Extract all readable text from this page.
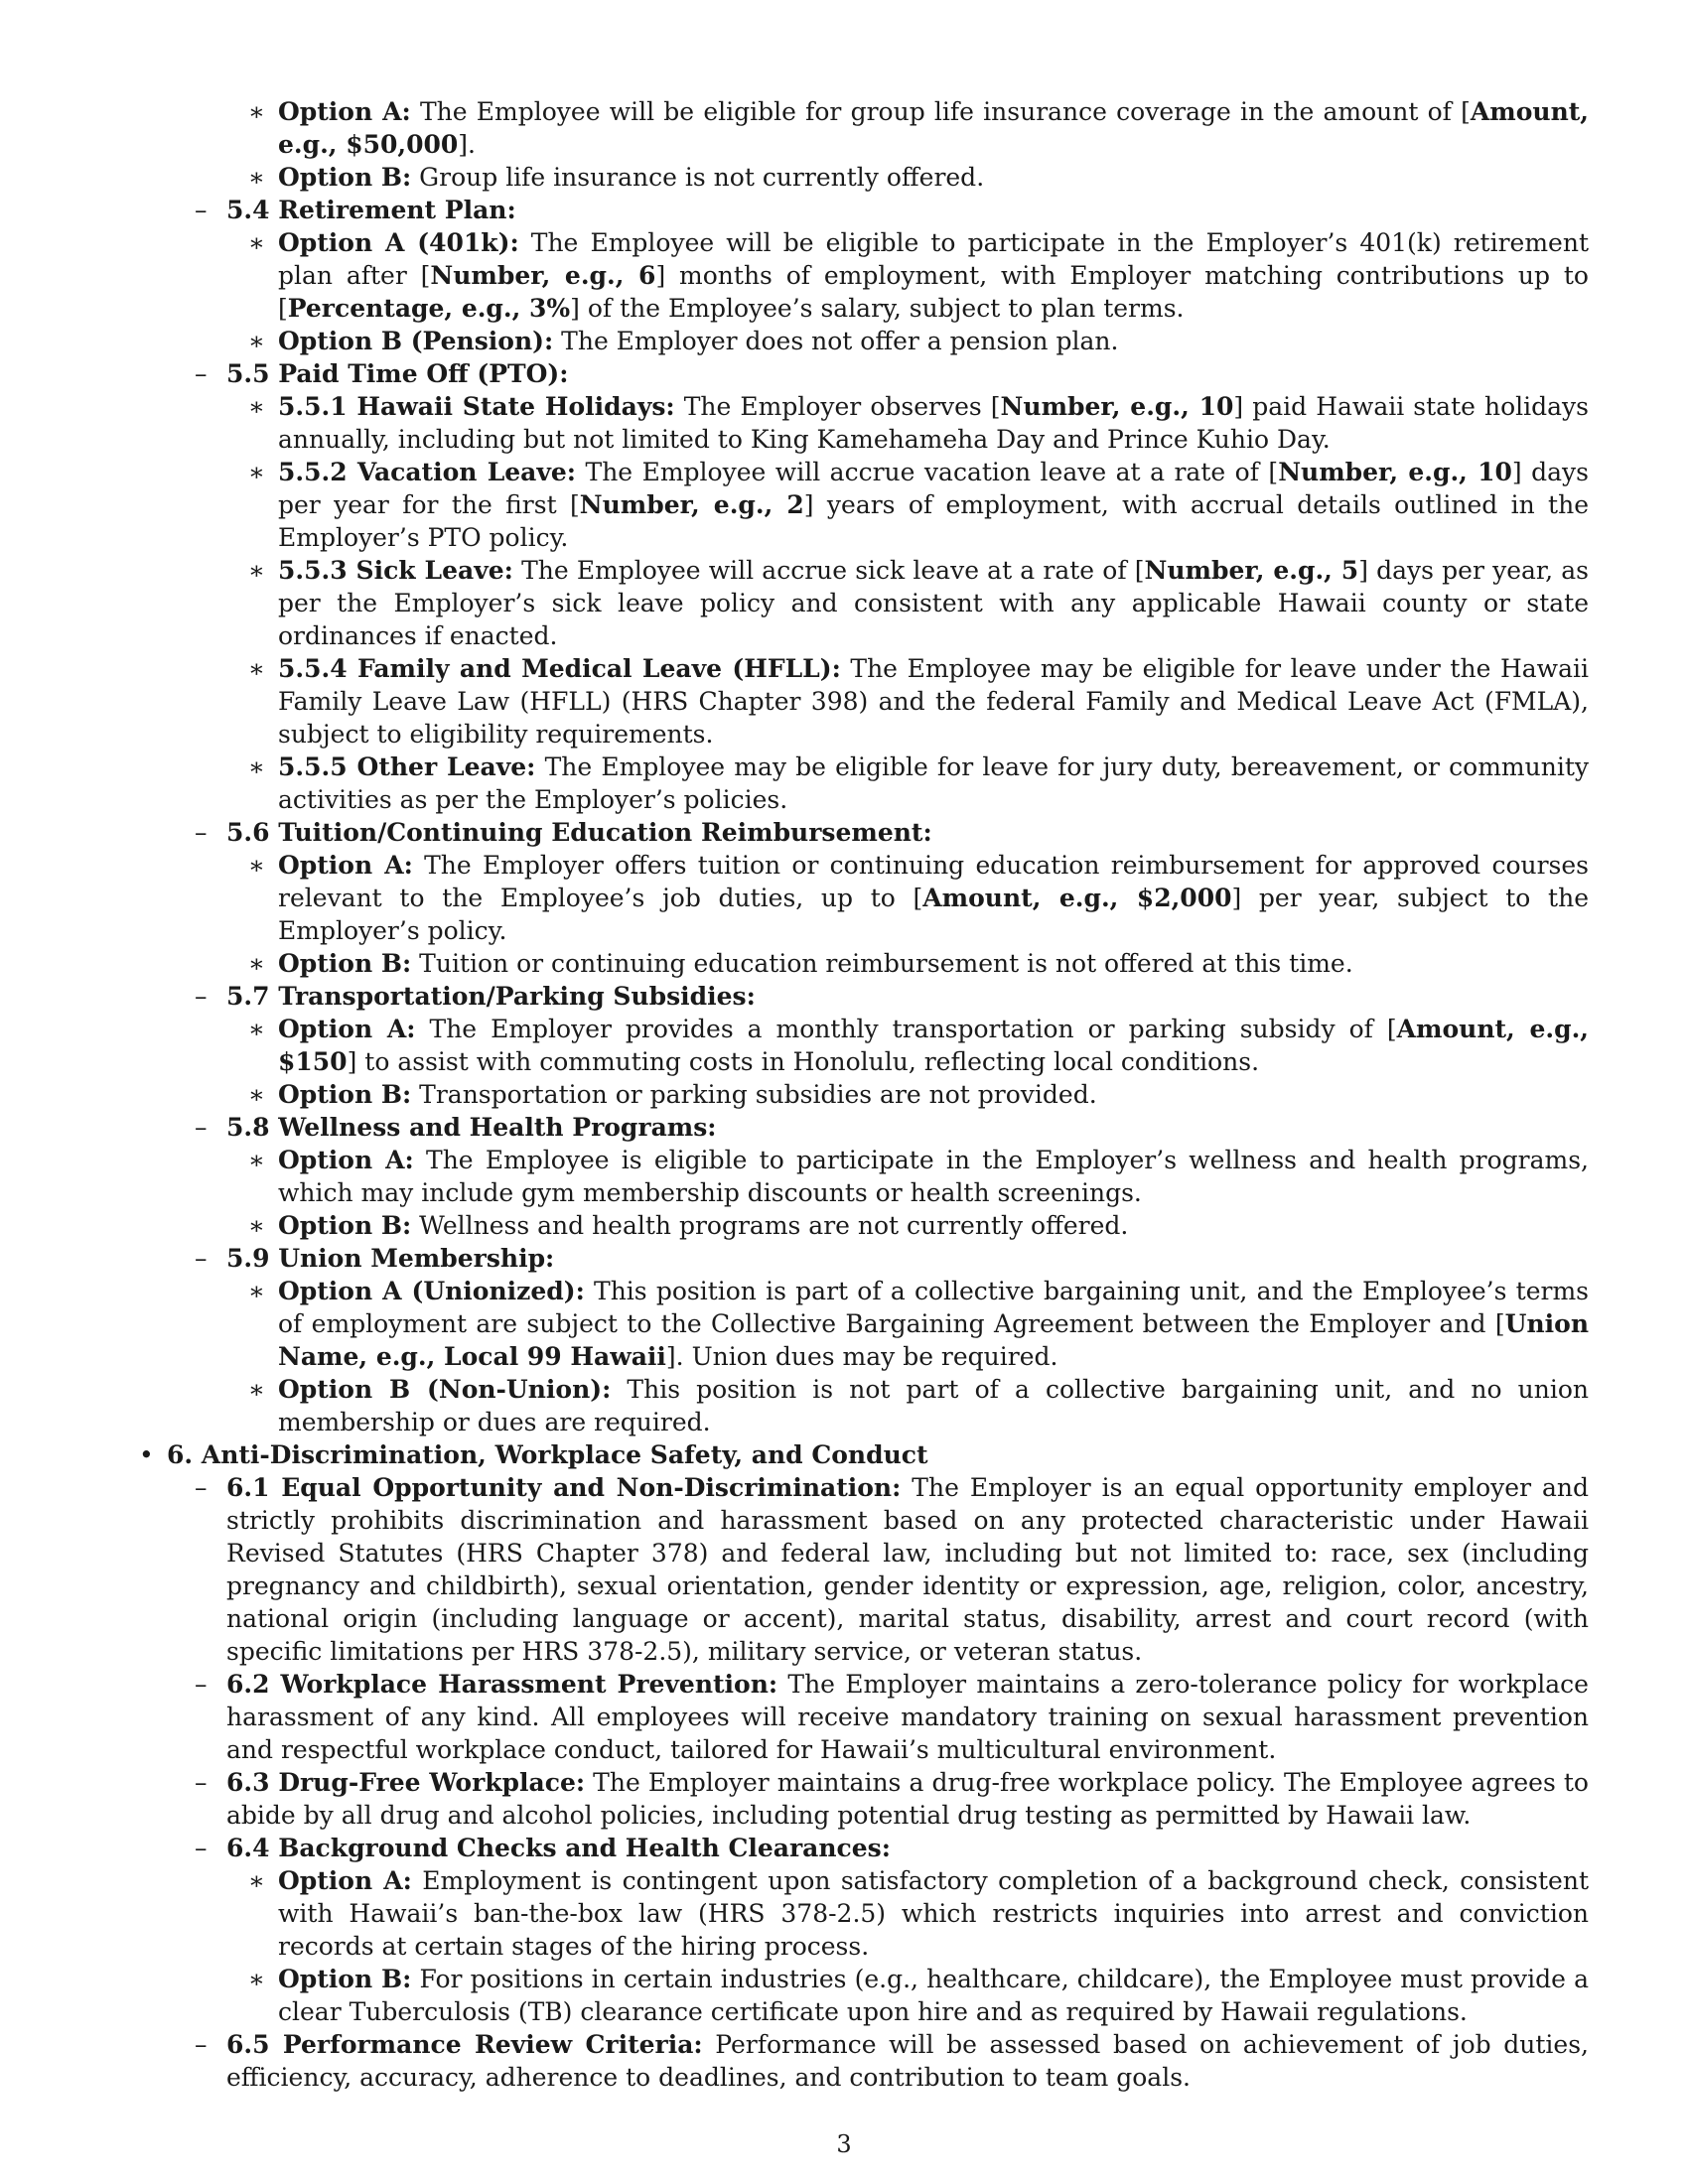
∗ Option A: The Employee will be eligible for group life insurance coverage in the amount of [Amount, e.g., $50,000].
∗ Option B: Group life insurance is not currently offered.
– 5.4 Retirement Plan:
∗ Option A (401k): The Employee will be eligible to participate in the Employer’s 401(k) retirement plan after [Number, e.g., 6] months of employment, with Employer matching contributions up to [Percentage, e.g., 3%] of the Employee’s salary, subject to plan terms.
∗ Option B (Pension): The Employer does not offer a pension plan.
– 5.5 Paid Time Off (PTO):
∗ 5.5.1 Hawaii State Holidays: The Employer observes [Number, e.g., 10] paid Hawaii state holidays annually, including but not limited to King Kamehameha Day and Prince Kuhio Day.
∗ 5.5.2 Vacation Leave: The Employee will accrue vacation leave at a rate of [Number, e.g., 10] days per year for the first [Number, e.g., 2] years of employment, with accrual details outlined in the Employer’s PTO policy.
∗ 5.5.3 Sick Leave: The Employee will accrue sick leave at a rate of [Number, e.g., 5] days per year, as per the Employer’s sick leave policy and consistent with any applicable Hawaii county or state ordinances if enacted.
∗ 5.5.4 Family and Medical Leave (HFLL): The Employee may be eligible for leave under the Hawaii Family Leave Law (HFLL) (HRS Chapter 398) and the federal Family and Medical Leave Act (FMLA), subject to eligibility requirements.
∗ 5.5.5 Other Leave: The Employee may be eligible for leave for jury duty, bereavement, or community activities as per the Employer’s policies.
– 5.6 Tuition/Continuing Education Reimbursement:
∗ Option A: The Employer offers tuition or continuing education reimbursement for approved courses relevant to the Employee’s job duties, up to [Amount, e.g., $2,000] per year, subject to the Employer’s policy.
∗ Option B: Tuition or continuing education reimbursement is not offered at this time.
– 5.7 Transportation/Parking Subsidies:
∗ Option A: The Employer provides a monthly transportation or parking subsidy of [Amount, e.g., $150] to assist with commuting costs in Honolulu, reflecting local conditions.
∗ Option B: Transportation or parking subsidies are not provided.
– 5.8 Wellness and Health Programs:
∗ Option A: The Employee is eligible to participate in the Employer’s wellness and health programs, which may include gym membership discounts or health screenings.
∗ Option B: Wellness and health programs are not currently offered.
– 5.9 Union Membership:
∗ Option A (Unionized): This position is part of a collective bargaining unit, and the Employee’s terms of employment are subject to the Collective Bargaining Agreement between the Employer and [Union Name, e.g., Local 99 Hawaii]. Union dues may be required.
∗ Option B (Non-Union): This position is not part of a collective bargaining unit, and no union membership or dues are required.
• 6. Anti-Discrimination, Workplace Safety, and Conduct
– 6.1 Equal Opportunity and Non-Discrimination: The Employer is an equal opportunity employer and strictly prohibits discrimination and harassment based on any protected characteristic under Hawaii Revised Statutes (HRS Chapter 378) and federal law, including but not limited to: race, sex (including pregnancy and childbirth), sexual orientation, gender identity or expression, age, religion, color, ancestry, national origin (including language or accent), marital status, disability, arrest and court record (with specific limitations per HRS 378-2.5), military service, or veteran status.
– 6.2 Workplace Harassment Prevention: The Employer maintains a zero-tolerance policy for workplace harassment of any kind. All employees will receive mandatory training on sexual harassment prevention and respectful workplace conduct, tailored for Hawaii’s multicultural environment.
– 6.3 Drug-Free Workplace: The Employer maintains a drug-free workplace policy. The Employee agrees to abide by all drug and alcohol policies, including potential drug testing as permitted by Hawaii law.
– 6.4 Background Checks and Health Clearances:
∗ Option A: Employment is contingent upon satisfactory completion of a background check, consistent with Hawaii’s ban-the-box law (HRS 378-2.5) which restricts inquiries into arrest and conviction records at certain stages of the hiring process.
∗ Option B: For positions in certain industries (e.g., healthcare, childcare), the Employee must provide a clear Tuberculosis (TB) clearance certificate upon hire and as required by Hawaii regulations.
– 6.5 Performance Review Criteria: Performance will be assessed based on achievement of job duties, efficiency, accuracy, adherence to deadlines, and contribution to team goals.
3
